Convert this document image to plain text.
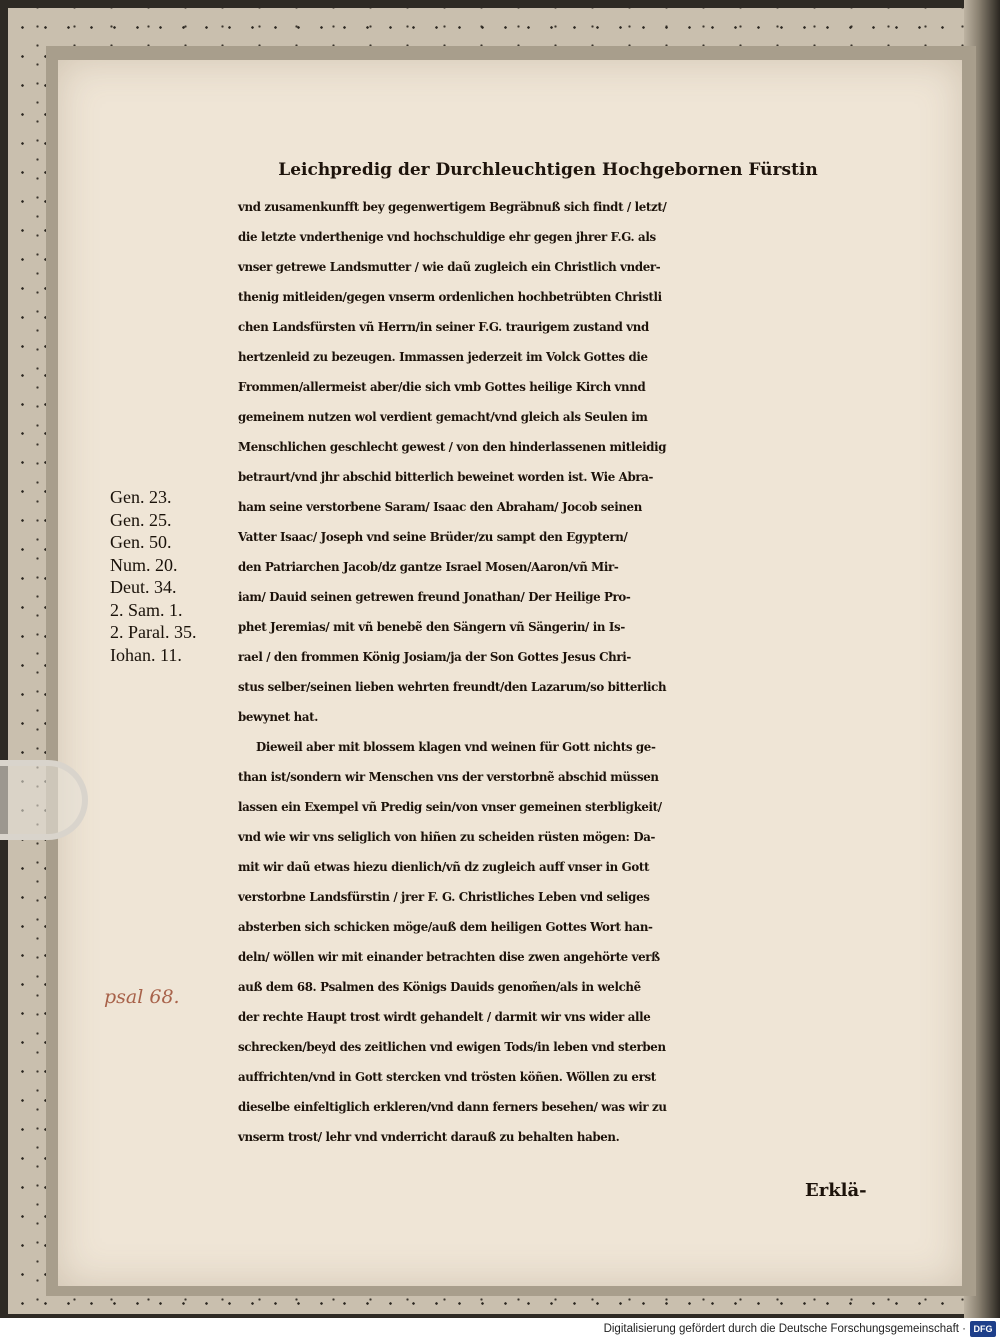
Leichpredig der Durchleuchtigen Hochgebornen Fürstin
vnd zusamenkunfft bey gegenwertigem Begräbnuß sich findt / letzt/
die letzte vnderthenige vnd hochschuldige ehr gegen jhrer F.G. als
vnser getrewe Landsmutter / wie daũ zugleich ein Christlich vnder-
thenig mitleiden/gegen vnserm ordenlichen hochbetrübten Christli
chen Landsfürsten vñ Herrn/in seiner F.G. traurigem zustand vnd
hertzenleid zu bezeugen. Immassen jederzeit im Volck Gottes die
Frommen/allermeist aber/die sich vmb Gottes heilige Kirch vnnd
gemeinem nutzen wol verdient gemacht/vnd gleich als Seulen im
Menschlichen geschlecht gewest / von den hinderlassenen mitleidig
betraurt/vnd jhr abschid bitterlich beweinet worden ist. Wie Abra-
ham seine verstorbene Saram/ Isaac den Abraham/ Jocob seinen
Vatter Isaac/ Joseph vnd seine Brüder/zu sampt den Egyptern/
den Patriarchen Jacob/dz gantze Israel Mosen/Aaron/vñ Mir-
iam/ Dauid seinen getrewen freund Jonathan/ Der Heilige Pro-
phet Jeremias/ mit vñ benebẽ den Sängern vñ Sängerin/ in Is-
rael / den frommen König Josiam/ja der Son Gottes Jesus Chri-
stus selber/seinen lieben wehrten freundt/den Lazarum/so bitterlich
bewynet hat.
Dieweil aber mit blossem klagen vnd weinen für Gott nichts ge-
than ist/sondern wir Menschen vns der verstorbnẽ abschid müssen
lassen ein Exempel vñ Predig sein/von vnser gemeinen sterbligkeit/
vnd wie wir vns seliglich von hiñen zu scheiden rüsten mögen: Da-
mit wir daũ etwas hiezu dienlich/vñ dz zugleich auff vnser in Gott
verstorbne Landsfürstin / jrer F. G. Christliches Leben vnd seliges
absterben sich schicken möge/auß dem heiligen Gottes Wort han-
deln/ wöllen wir mit einander betrachten dise zwen angehörte verß
auß dem 68. Psalmen des Königs Dauids genom̃en/als in welchẽ
der rechte Haupt trost wirdt gehandelt / darmit wir vns wider alle
schrecken/beyd des zeitlichen vnd ewigen Tods/in leben vnd sterben
auffrichten/vnd in Gott stercken vnd trösten köñen. Wöllen zu erst
dieselbe einfeltiglich erkleren/vnd dann ferners besehen/ was wir zu
vnserm trost/ lehr vnd vnderricht darauß zu behalten haben.
Gen. 23.
Gen. 25.
Gen. 50.
Num. 20.
Deut. 34.
2. Sam. 1.
2. Paral. 35.
Iohan. 11.
psal 68.
Erklä-
Digitalisierung gefördert durch die Deutsche Forschungsgemeinschaft · DFG
